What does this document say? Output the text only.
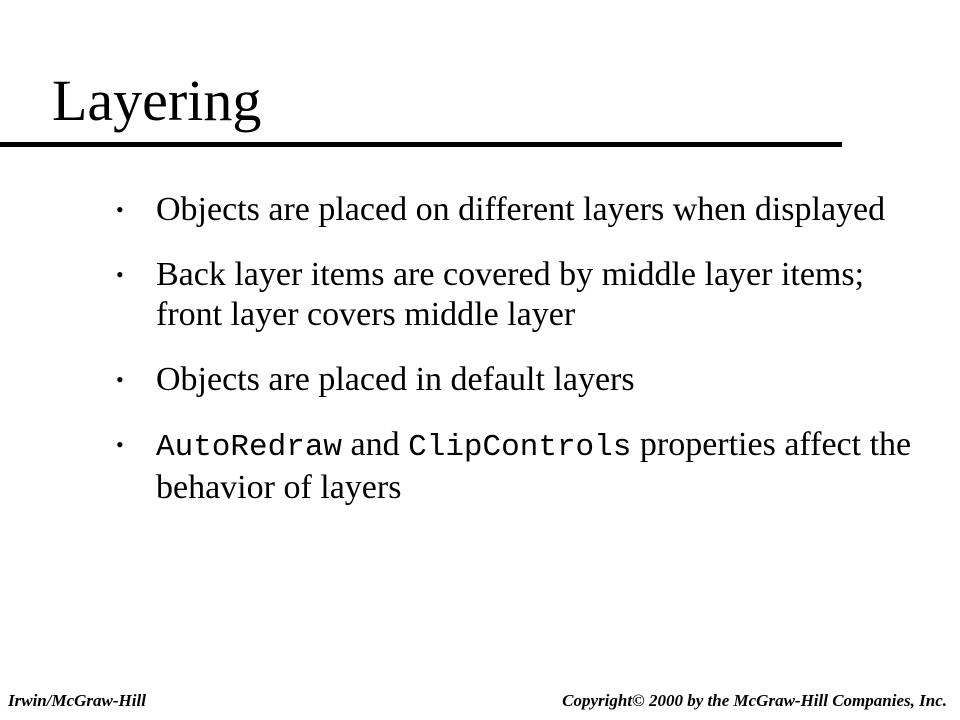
Layering
• Objects are placed on different layers when displayed
• Back layer items are covered by middle layer items; front layer covers middle layer
• Objects are placed in default layers
• AutoRedraw and ClipControls properties affect the behavior of layers
Irwin/McGraw-Hill	Copyright© 2000 by the McGraw-Hill Companies, Inc.
